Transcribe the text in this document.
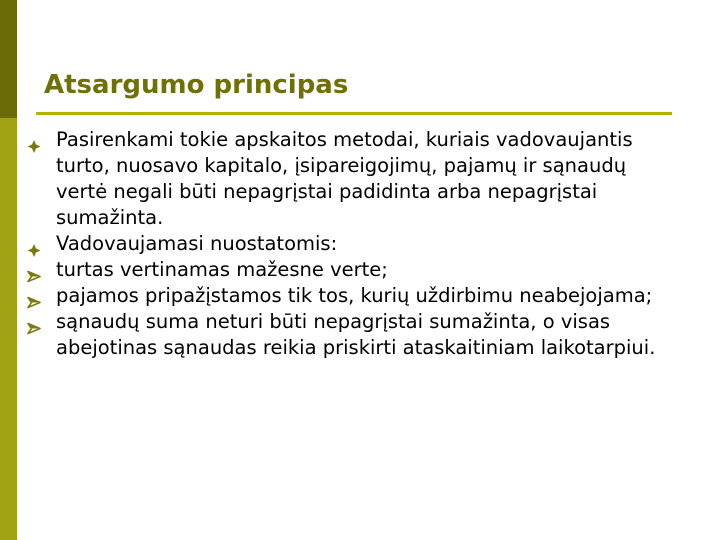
Atsargumo principas
Pasirenkami tokie apskaitos metodai, kuriais vadovaujantis turto, nuosavo kapitalo, įsipareigojimų, pajamų ir sąnaudų vertė negali būti nepagrįstai padidinta arba nepagrįstai sumažinta.
Vadovaujamasi nuostatomis:
turtas vertinamas mažesne verte;
pajamos pripažįstamos tik tos, kurių uždirbimu neabejojama;
sąnaudų suma neturi būti nepagrįstai sumažinta, o visas abejotinas sąnaudas reikia priskirti ataskaitiniam laikotarpiui.
